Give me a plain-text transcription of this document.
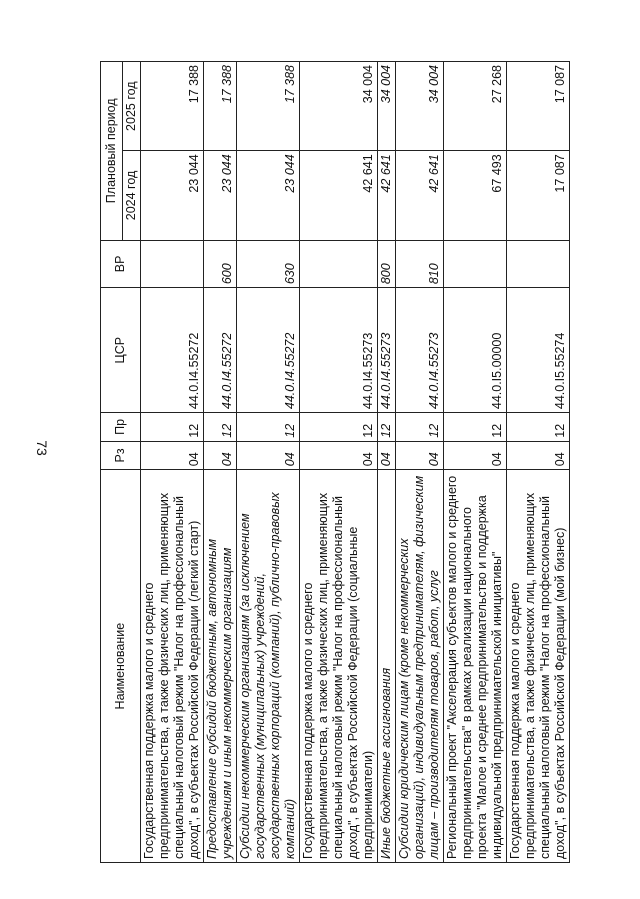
73
Наименование	Рз	Пр	ЦСР	ВР	Плановый период	
					2024 год	2025 год
Государственная поддержка малого и среднего предпринимательства, а также физических лиц, применяющих специальный налоговый режим "Налог на профессиональный доход", в субъектах Российской Федерации (легкий старт)	04	12	44.0.I4.55272		23 044	17 388
Предоставление субсидий бюджетным, автономным учреждениям и иным некоммерческим организациям	04	12	44.0.I4.55272	600	23 044	17 388
Субсидии некоммерческим организациям (за исключением государственных (муниципальных) учреждений, государственных корпораций (компаний), публично-правовых компаний)	04	12	44.0.I4.55272	630	23 044	17 388
Государственная поддержка малого и среднего предпринимательства, а также физических лиц, применяющих специальный налоговый режим "Налог на профессиональный доход", в субъектах Российской Федерации (социальные предприниматели)	04	12	44.0.I4.55273		42 641	34 004
Иные бюджетные ассигнования	04	12	44.0.I4.55273	800	42 641	34 004
Субсидии юридическим лицам (кроме некоммерческих организаций), индивидуальным предпринимателям, физическим лицам – производителям товаров, работ, услуг	04	12	44.0.I4.55273	810	42 641	34 004
Региональный проект "Акселерация субъектов малого и среднего предпринимательства" в рамках реализации национального проекта "Малое и среднее предпринимательство и поддержка индивидуальной предпринимательской инициативы"	04	12	44.0.I5.00000		67 493	27 268
Государственная поддержка малого и среднего предпринимательства, а также физических лиц, применяющих специальный налоговый режим "Налог на профессиональный доход", в субъектах Российской Федерации (мой бизнес)	04	12	44.0.I5.55274		17 087	17 087
